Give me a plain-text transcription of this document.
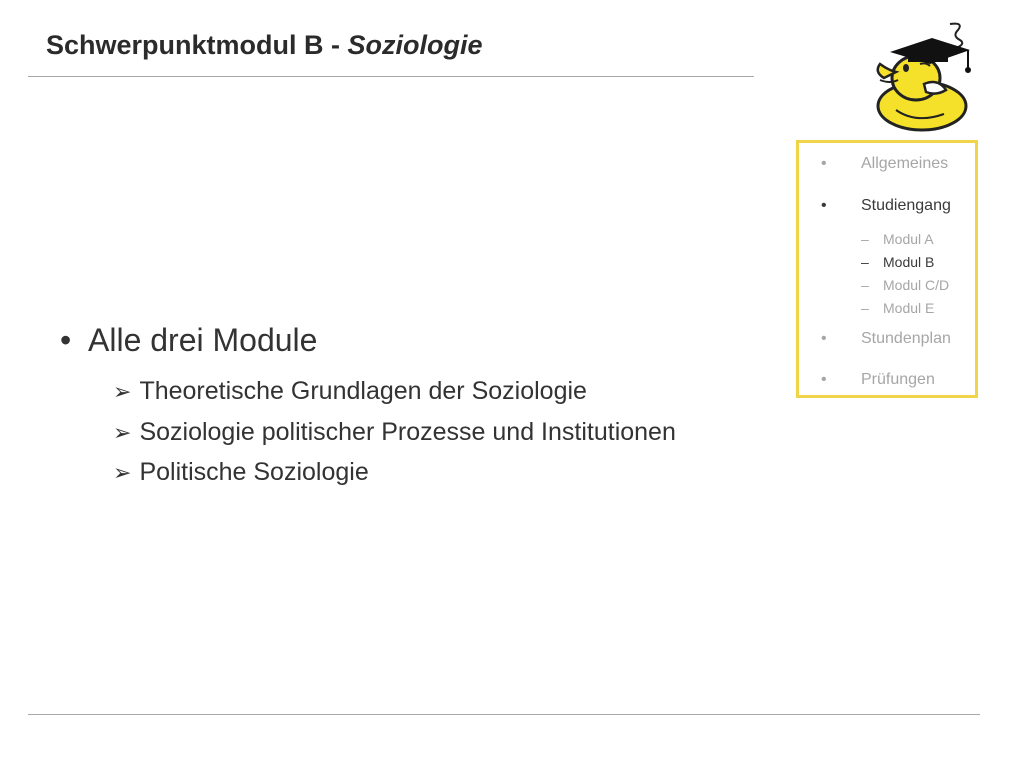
Schwerpunktmodul B - Soziologie
• Allgemeines
• Studiengang
– Modul A
– Modul B
– Modul C/D
– Modul E
• Stundenplan
• Prüfungen
• Alle drei Module
➢ Theoretische Grundlagen der Soziologie
➢ Soziologie politischer Prozesse und Institutionen
➢ Politische Soziologie
